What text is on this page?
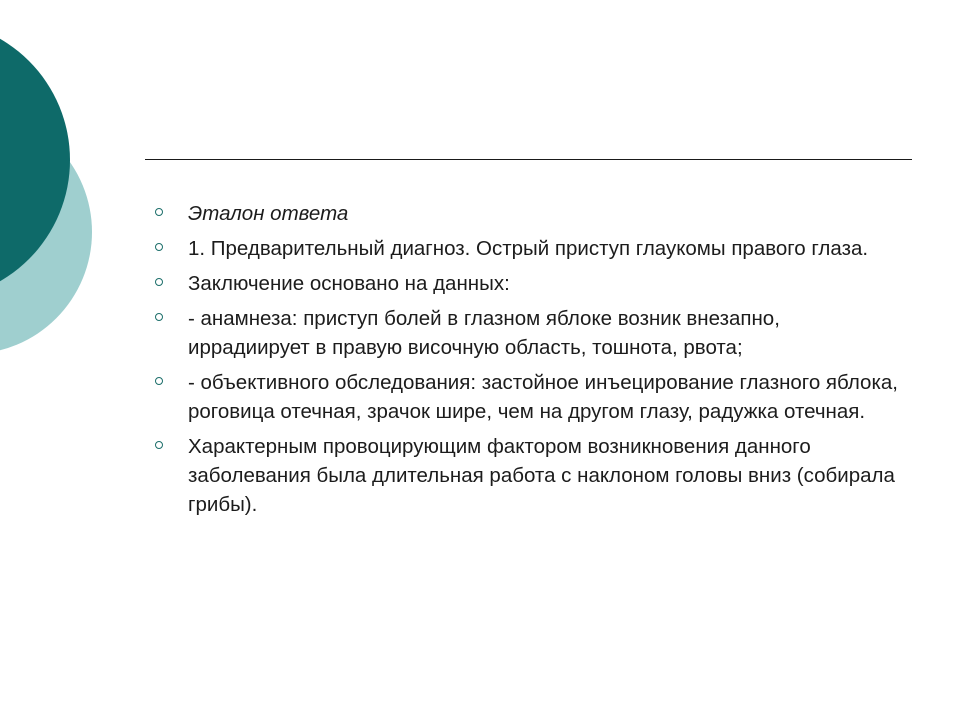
Эталон ответа
1. Предварительный диагноз. Острый приступ глаукомы правого глаза.
Заключение основано на данных:
- анамнеза: приступ болей в глазном яблоке возник внезапно, иррадиирует в правую височную область, тошнота, рвота;
- объективного обследования: застойное инъецирование глазного яблока, роговица отечная, зрачок шире, чем на другом глазу, радужка отечная.
Характерным провоцирующим фактором возникновения данного заболевания была длительная работа с наклоном головы вниз (собирала грибы).
